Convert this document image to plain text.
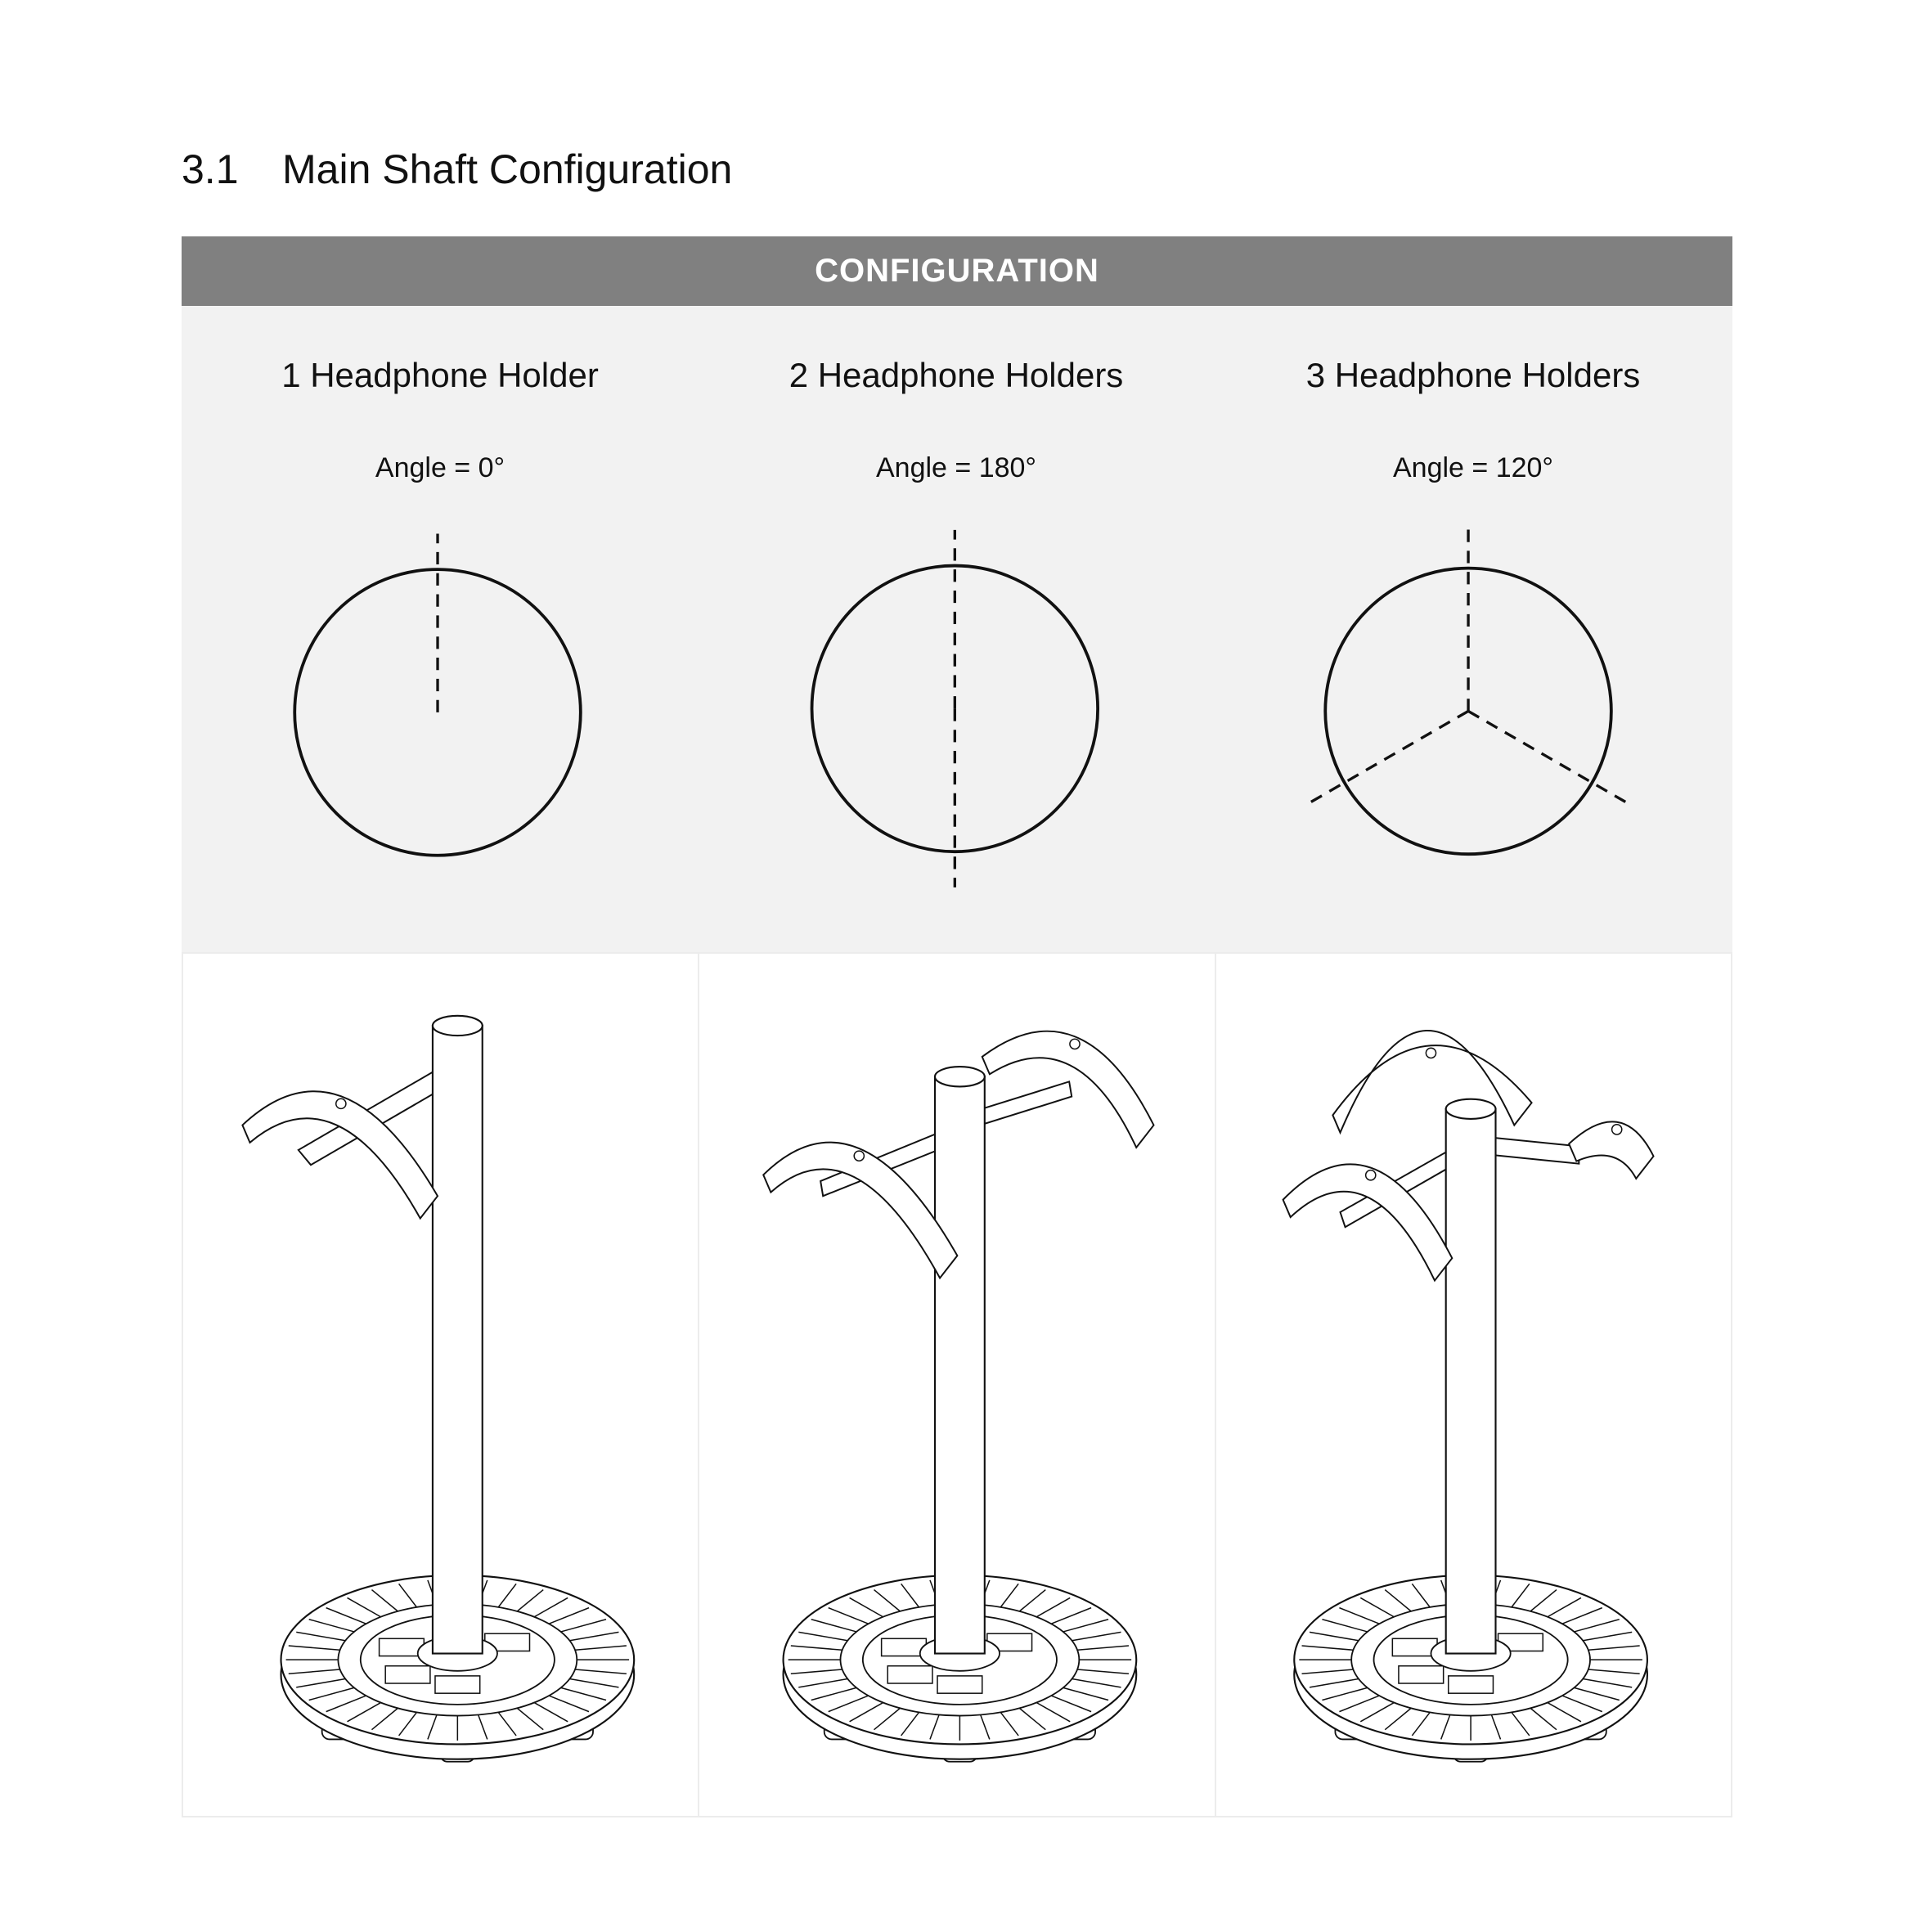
3.1 Main Shaft Configuration
CONFIGURATION
1 Headphone Holder	2 Headphone Holders	3 Headphone Holders
Angle = 0°	Angle = 180°	Angle = 120°
